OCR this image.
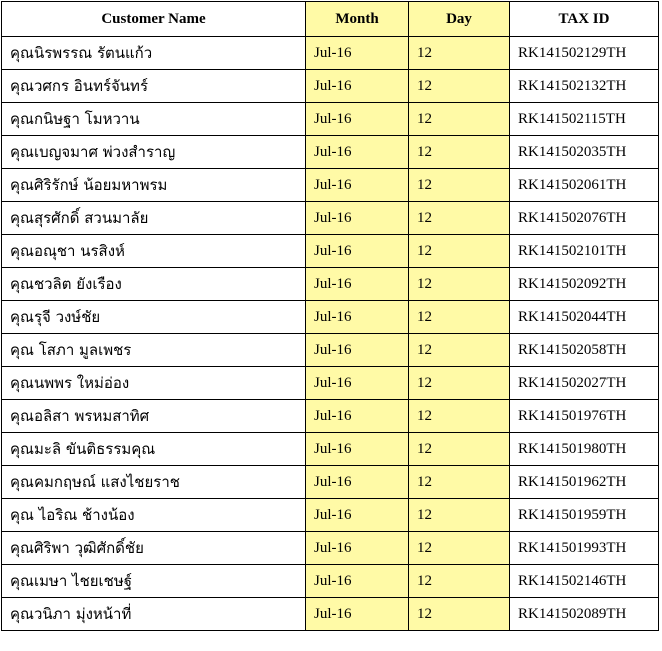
Customer Name	Month	Day	TAX ID
คุณนิรพรรณ รัตนแก้ว	Jul-16	12	RK141502129TH
คุณวศกร อินทร์จันทร์	Jul-16	12	RK141502132TH
คุณกนิษฐา โมหวาน	Jul-16	12	RK141502115TH
คุณเบญจมาศ พ่วงสำราญ	Jul-16	12	RK141502035TH
คุณศิริรักษ์ น้อยมหาพรม	Jul-16	12	RK141502061TH
คุณสุรศักดิ์ สวนมาลัย	Jul-16	12	RK141502076TH
คุณอณุชา นรสิงห์	Jul-16	12	RK141502101TH
คุณชวลิต ยังเรือง	Jul-16	12	RK141502092TH
คุณรุจี วงษ์ชัย	Jul-16	12	RK141502044TH
คุณ โสภา มูลเพชร	Jul-16	12	RK141502058TH
คุณนพพร ใหม่อ่อง	Jul-16	12	RK141502027TH
คุณอลิสา พรหมสาทิศ	Jul-16	12	RK141501976TH
คุณมะลิ ขันติธรรมคุณ	Jul-16	12	RK141501980TH
คุณคมกฤษณ์ แสงไชยราช	Jul-16	12	RK141501962TH
คุณ ไอริณ ช้างน้อง	Jul-16	12	RK141501959TH
คุณศิริพา วุฒิศักดิ์ชัย	Jul-16	12	RK141501993TH
คุณเมษา ไชยเชษฐ์	Jul-16	12	RK141502146TH
คุณวนิภา มุ่งหน้าที่	Jul-16	12	RK141502089TH
